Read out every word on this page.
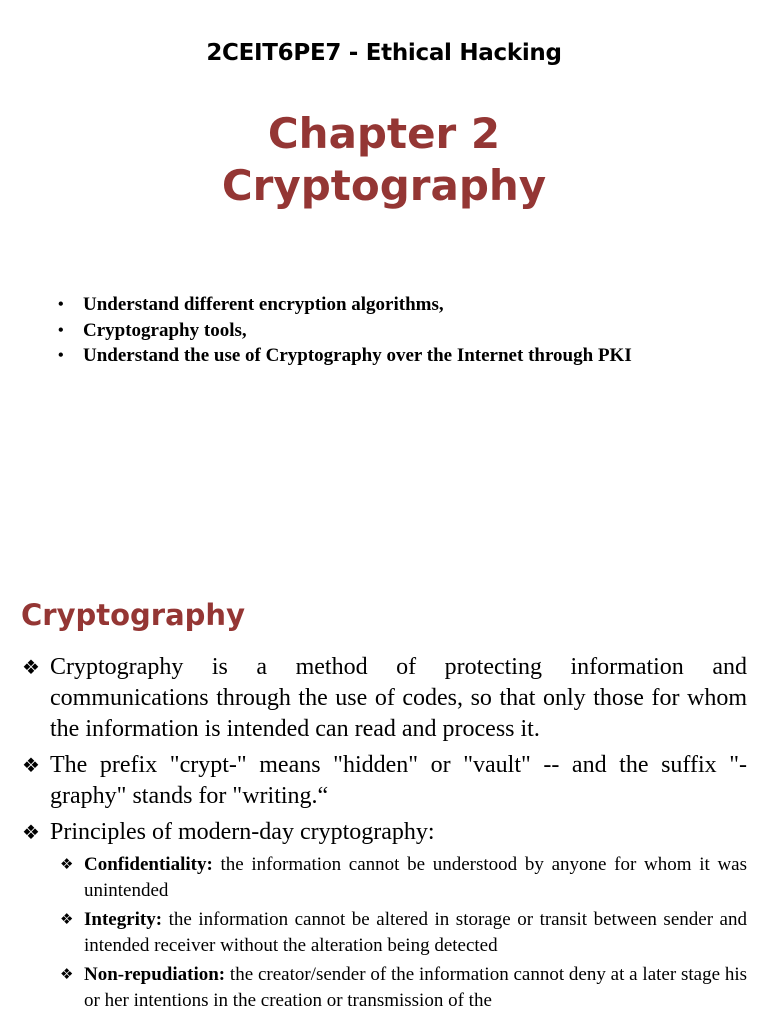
2CEIT6PE7 - Ethical Hacking
Chapter 2
Cryptography
• Understand different encryption algorithms,
• Cryptography tools,
• Understand the use of Cryptography over the Internet through PKI
Cryptography
❖ Cryptography is a method of protecting information and communications through the use of codes, so that only those for whom the information is intended can read and process it.
❖ The prefix "crypt-" means "hidden" or "vault" -- and the suffix "-graphy" stands for "writing.“
❖ Principles of modern-day cryptography:
❖ Confidentiality: the information cannot be understood by anyone for whom it was unintended
❖ Integrity: the information cannot be altered in storage or transit between sender and intended receiver without the alteration being detected
❖ Non-repudiation: the creator/sender of the information cannot deny at a later stage his or her intentions in the creation or transmission of the
